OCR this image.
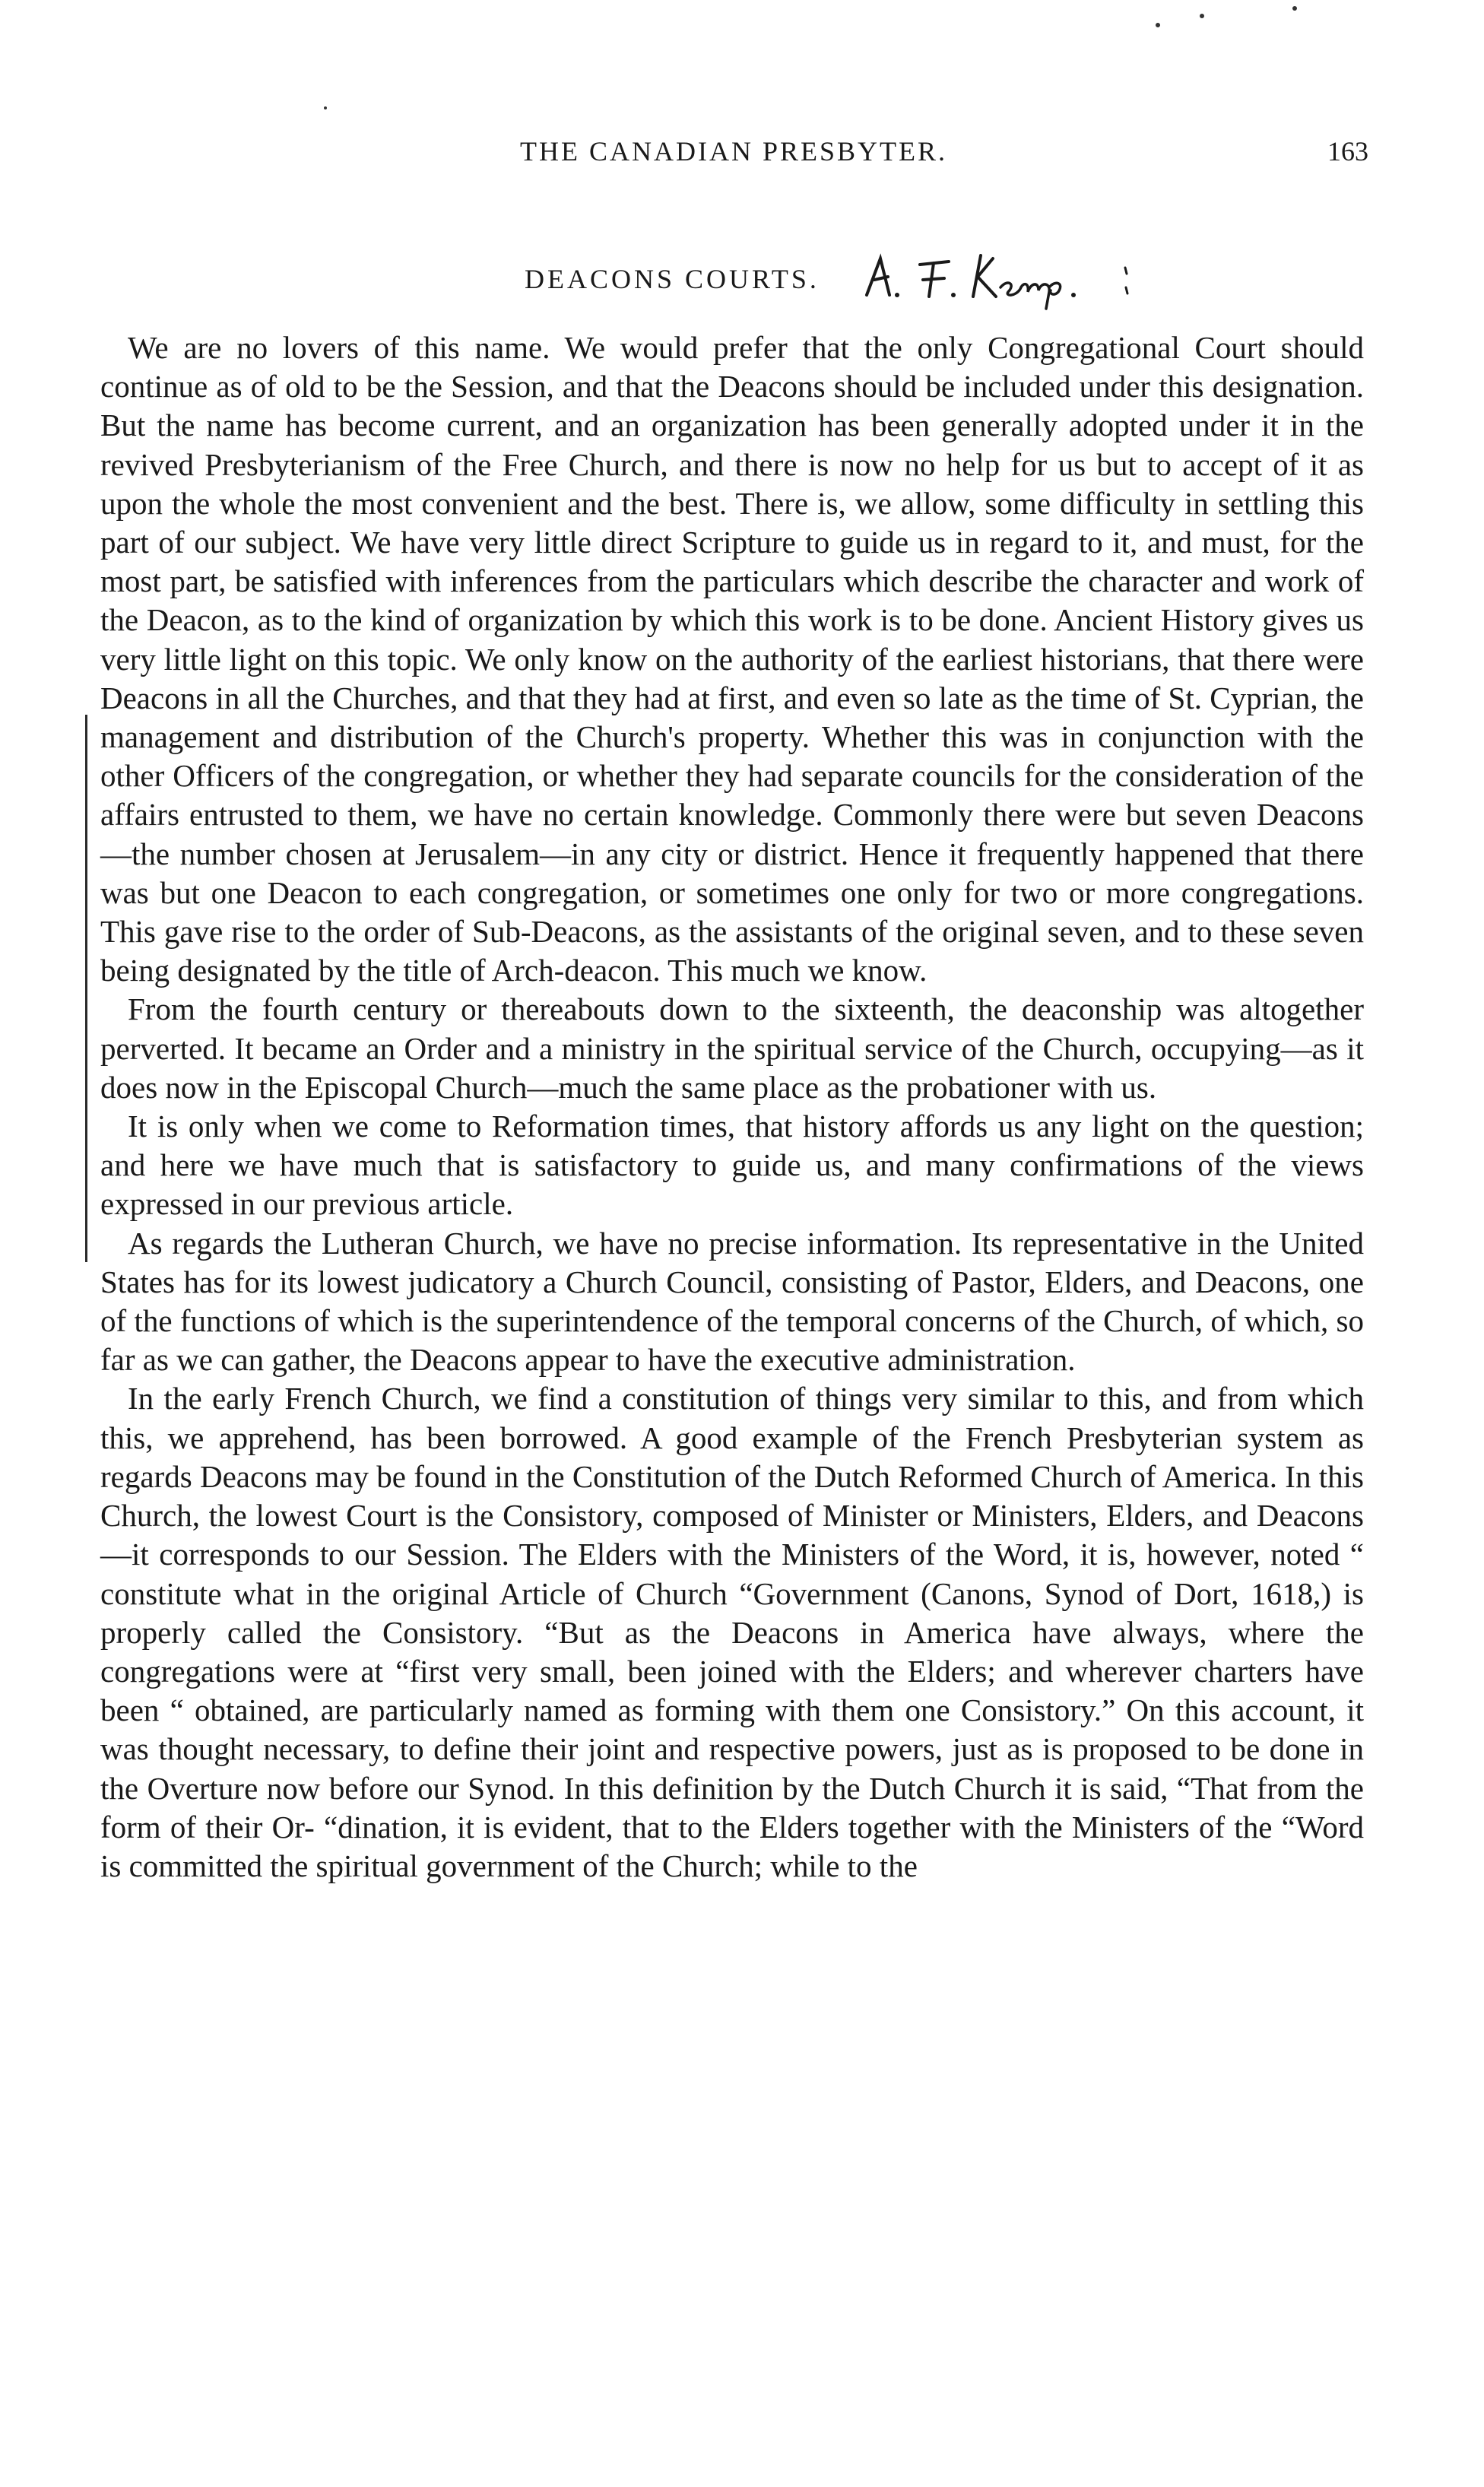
THE CANADIAN PRESBYTER.	163
DEACONS COURTS.

We are no lovers of this name. We would prefer that the only Congregational Court should continue as of old to be the Session, and that the Deacons should be included under this designation. But the name has become current, and an organization has been generally adopted under it in the revived Presbyterianism of the Free Church, and there is now no help for us but to accept of it as upon the whole the most convenient and the best. There is, we allow, some difficulty in settling this part of our subject. We have very little direct Scripture to guide us in regard to it, and must, for the most part, be satisfied with inferences from the particulars which describe the character and work of the Deacon, as to the kind of organization by which this work is to be done. Ancient History gives us very little light on this topic. We only know on the authority of the earliest historians, that there were Deacons in all the Churches, and that they had at first, and even so late as the time of St. Cyprian, the management and distribution of the Church's property. Whether this was in conjunction with the other Officers of the congregation, or whether they had separate councils for the consideration of the affairs entrusted to them, we have no certain knowledge. Commonly there were but seven Deacons—the number chosen at Jerusalem—in any city or district. Hence it frequently happened that there was but one Deacon to each congregation, or sometimes one only for two or more congregations. This gave rise to the order of Sub-Deacons, as the assistants of the original seven, and to these seven being designated by the title of Arch-deacon. This much we know.

From the fourth century or thereabouts down to the sixteenth, the deaconship was altogether perverted. It became an Order and a ministry in the spiritual service of the Church, occupying—as it does now in the Episcopal Church—much the same place as the probationer with us.

It is only when we come to Reformation times, that history affords us any light on the question; and here we have much that is satisfactory to guide us, and many confirmations of the views expressed in our previous article.

As regards the Lutheran Church, we have no precise information. Its representative in the United States has for its lowest judicatory a Church Council, consisting of Pastor, Elders, and Deacons, one of the functions of which is the superintendence of the temporal concerns of the Church, of which, so far as we can gather, the Deacons appear to have the executive administration.

In the early French Church, we find a constitution of things very similar to this, and from which this, we apprehend, has been borrowed. A good example of the French Presbyterian system as regards Deacons may be found in the Constitution of the Dutch Reformed Church of America. In this Church, the lowest Court is the Consistory, composed of Minister or Ministers, Elders, and Deacons—it corresponds to our Session. The Elders with the Ministers of the Word, it is, however, noted “ constitute what in the original Article of Church “Government (Canons, Synod of Dort, 1618,) is properly called the Consistory. “But as the Deacons in America have always, where the congregations were at “first very small, been joined with the Elders; and wherever charters have been “ obtained, are particularly named as forming with them one Consistory.” On this account, it was thought necessary, to define their joint and respective powers, just as is proposed to be done in the Overture now before our Synod. In this definition by the Dutch Church it is said, “That from the form of their Or- “dination, it is evident, that to the Elders together with the Ministers of the “Word is committed the spiritual government of the Church; while to the
